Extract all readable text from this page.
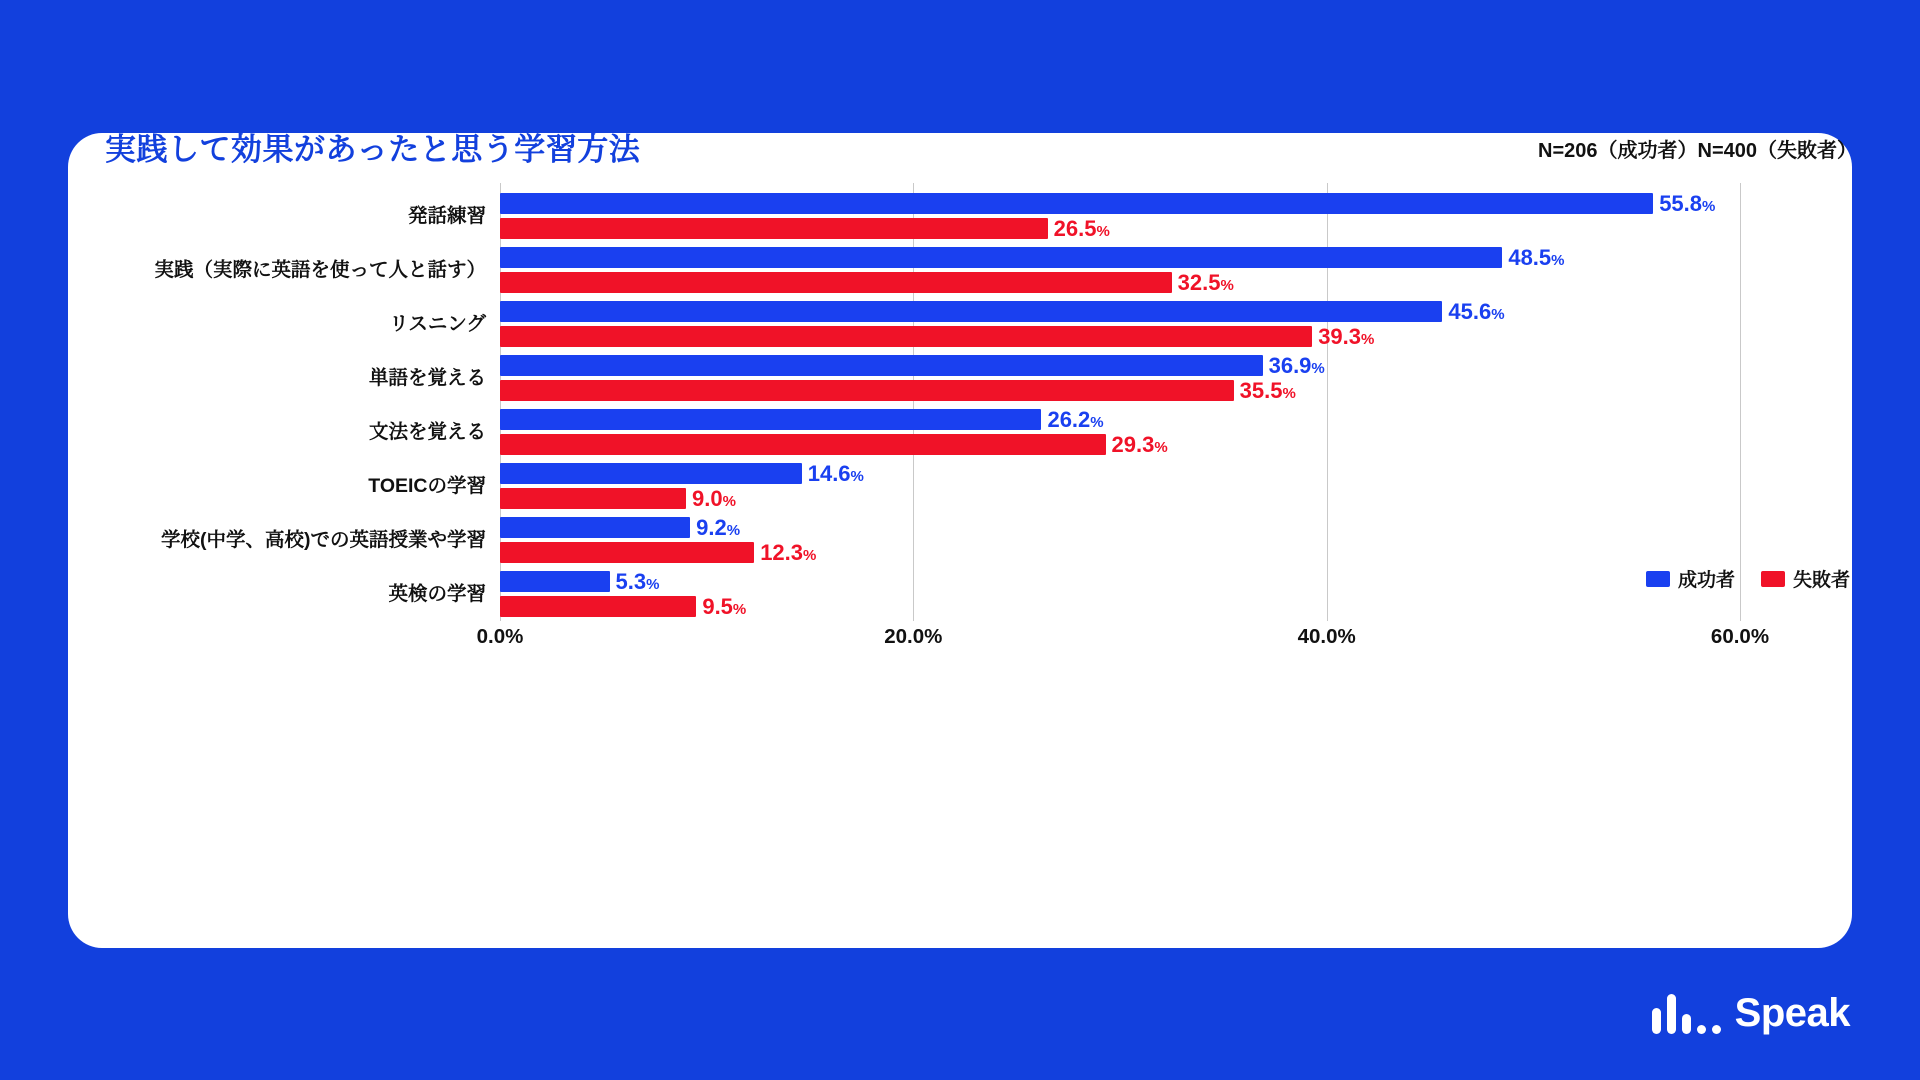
実践して効果があったと思う学習方法	N=206（成功者）N=400（失敗者）
発話練習	55.8%
26.5%
実践（実際に英語を使って人と話す）	48.5%
32.5%
リスニング	45.6%
39.3%
単語を覚える	36.9%
35.5%
文法を覚える	26.2%
29.3%
TOEICの学習	14.6%
9.0%
学校(中学、高校)での英語授業や学習	9.2%
12.3%
英検の学習	5.3%
9.5%
0.0%	20.0%	40.0%	60.0%
成功者	失敗者
Speak
